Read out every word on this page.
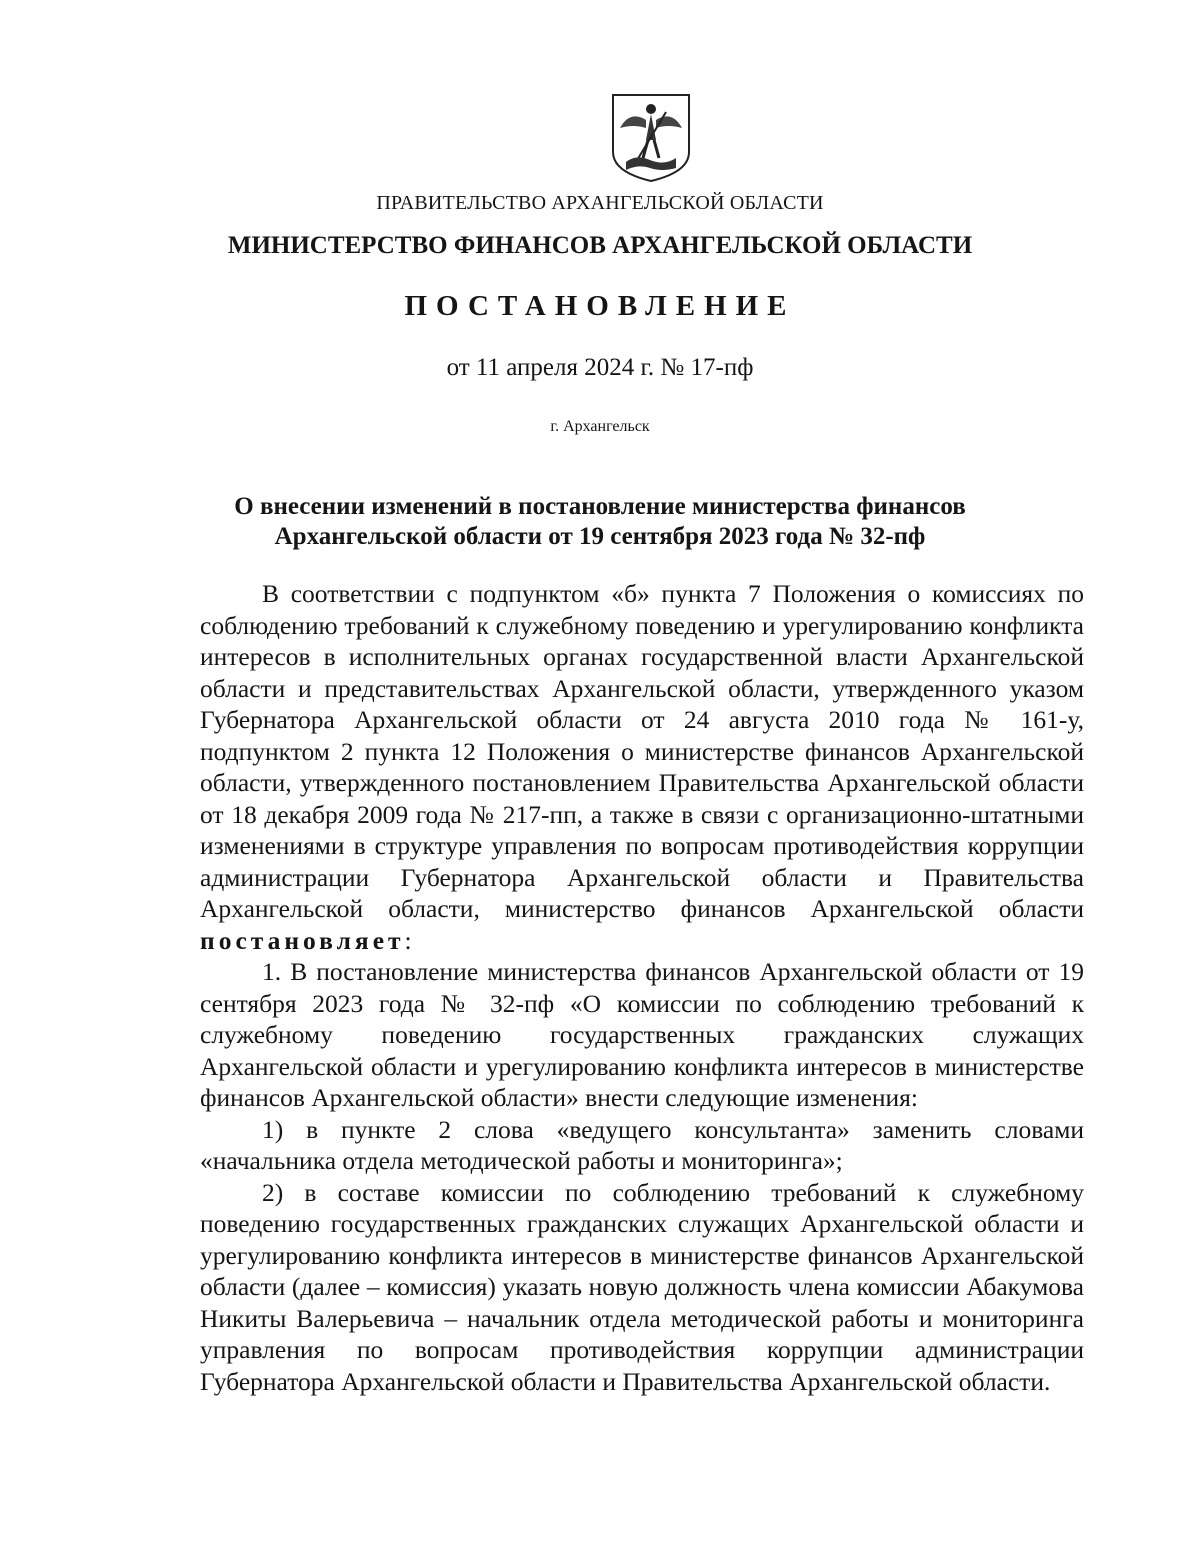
ПРАВИТЕЛЬСТВО АРХАНГЕЛЬСКОЙ ОБЛАСТИ
МИНИСТЕРСТВО ФИНАНСОВ АРХАНГЕЛЬСКОЙ ОБЛАСТИ
ПОСТАНОВЛЕНИЕ
от 11 апреля 2024 г. № 17-пф
г. Архангельск
О внесении изменений в постановление министерства финансов
Архангельской области от 19 сентября 2023 года № 32-пф

В соответствии с подпунктом «б» пункта 7 Положения о комиссиях по соблюдению требований к служебному поведению и урегулированию конфликта интересов в исполнительных органах государственной власти Архангельской области и представительствах Архангельской области, утвержденного указом Губернатора Архангельской области от 24 августа 2010 года № 161-у, подпунктом 2 пункта 12 Положения о министерстве финансов Архангельской области, утвержденного постановлением Правительства Архангельской области от 18 декабря 2009 года № 217-пп, а также в связи с организационно-штатными изменениями в структуре управления по вопросам противодействия коррупции администрации Губернатора Архангельской области и Правительства Архангельской области, министерство финансов Архангельской области постановляет:

1. В постановление министерства финансов Архангельской области от 19 сентября 2023 года № 32-пф «О комиссии по соблюдению требований к служебному поведению государственных гражданских служащих Архангельской области и урегулированию конфликта интересов в министерстве финансов Архангельской области» внести следующие изменения:

1) в пункте 2 слова «ведущего консультанта» заменить словами «начальника отдела методической работы и мониторинга»;

2) в составе комиссии по соблюдению требований к служебному поведению государственных гражданских служащих Архангельской области и урегулированию конфликта интересов в министерстве финансов Архангельской области (далее – комиссия) указать новую должность члена комиссии Абакумова Никиты Валерьевича – начальник отдела методической работы и мониторинга управления по вопросам противодействия коррупции администрации Губернатора Архангельской области и Правительства Архангельской области.
